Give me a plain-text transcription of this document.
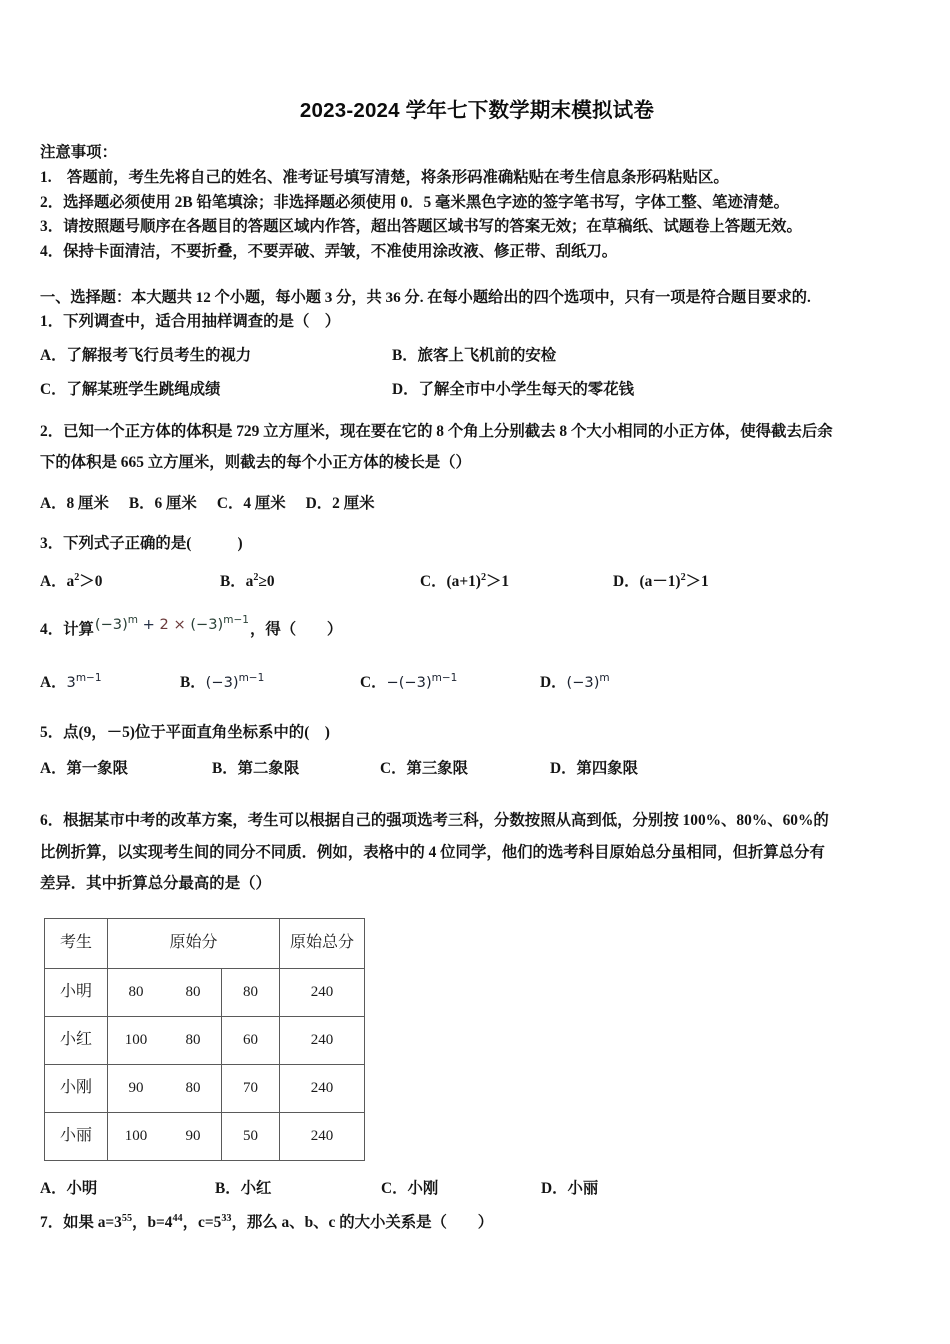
2023-2024 学年七下数学期末模拟试卷

注意事项：

1.　答题前，考生先将自己的姓名、准考证号填写清楚，将条形码准确粘贴在考生信息条形码粘贴区。

2．选择题必须使用 2B 铅笔填涂；非选择题必须使用 0．5 毫米黑色字迹的签字笔书写，字体工整、笔迹清楚。

3．请按照题号顺序在各题目的答题区域内作答，超出答题区域书写的答案无效；在草稿纸、试题卷上答题无效。

4．保持卡面清洁，不要折叠，不要弄破、弄皱，不准使用涂改液、修正带、刮纸刀。

一、选择题：本大题共 12 个小题，每小题 3 分，共 36 分. 在每小题给出的四个选项中，只有一项是符合题目要求的.

1．下列调查中，适合用抽样调查的是（　）

A．了解报考飞行员考生的视力	B．旅客上飞机前的安检
C．了解某班学生跳绳成绩	D．了解全市中小学生每天的零花钱

2．已知一个正方体的体积是 729 立方厘米，现在要在它的 8 个角上分别截去 8 个大小相同的小正方体，使得截去后余

下的体积是 665 立方厘米，则截去的每个小正方体的棱长是（）

A．8 厘米 B．6 厘米 C．4 厘米 D．2 厘米

3．下列式子正确的是(　　　)

A．$a^2>0$	B．$a^2\ge 0$	C．$(a+1)^2>1$	D．$(a-1)^2>1$

4．计算 $(-3)^m + 2 \times (-3)^{m-1}$
，得（　　）

A．$3^{m-1}$	B．$(-3)^{m-1}$	C．$-(-3)^{m-1}$	D．$(-3)^m$

5．点(9，－5)位于平面直角坐标系中的(　)

A．第一象限	B．第二象限	C．第三象限	D．第四象限

6．根据某市中考的改革方案，考生可以根据自己的强项选考三科，分数按照从高到低，分别按 100%、80%、60%的

比例折算，以实现考生间的同分不同质．例如，表格中的 4 位同学，他们的选考科目原始总分虽相同，但折算总分有

差异．其中折算总分最高的是（）

考生	原始分			原始总分
小明	80	80	80	240
小红	100	80	60	240
小刚	90	80	70	240
小丽	100	90	50	240
A．小明	B．小红	C．小刚	D．小丽

7．如果 $a=3^{55}$，$b=4^{44}$，$c=5^{33}$，那么 a、b、c 的大小关系是（　　）
